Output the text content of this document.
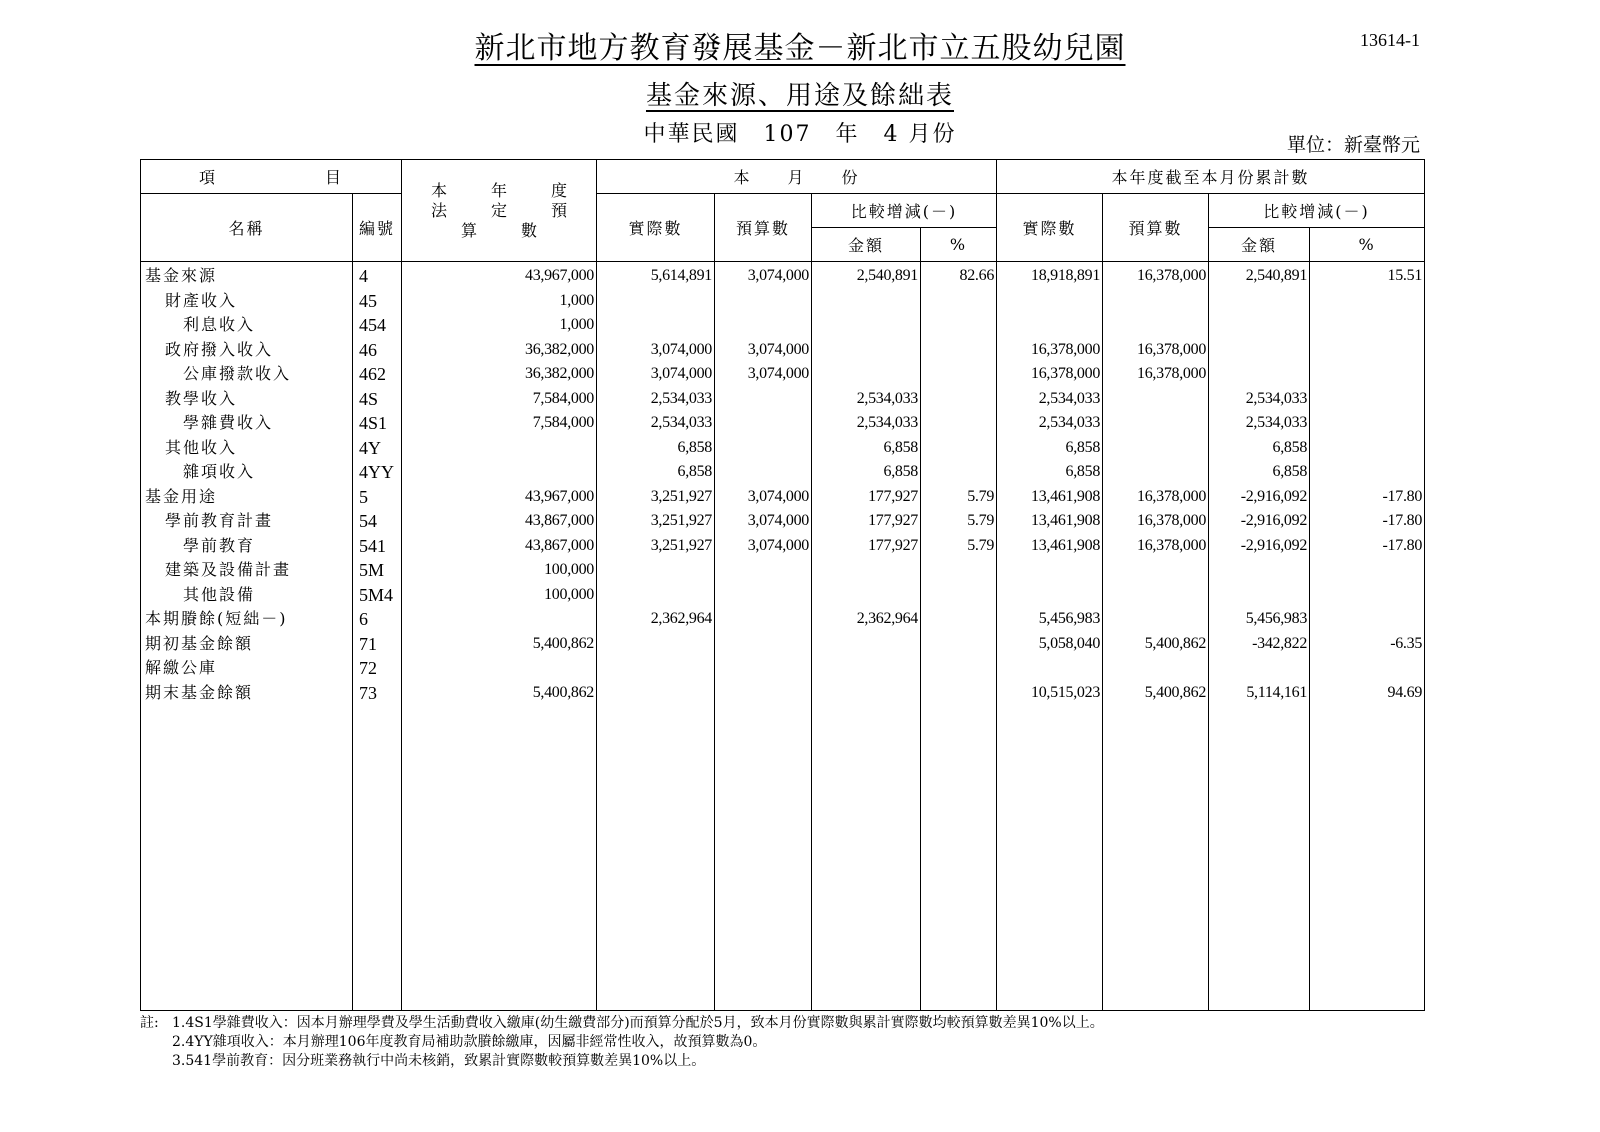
新北市地方教育發展基金－新北市立五股幼兒園
基金來源、用途及餘絀表
中華民國　107　年　4 月份
13614-1
單位：新臺幣元
項　　　　　　目		本　年　度
法　定　預　算　數	本　　月　　份				本年度截至本月份累計數			
名稱	編號		實際數	預算數	比較增減(－)		實際數	預算數	比較增減(－)	
					金額	%			金額	%
基金來源	4	43,967,000	5,614,891	3,074,000	2,540,891	82.66	18,918,891	16,378,000	2,540,891	15.51
財產收入	45	1,000								
利息收入	454	1,000								
政府撥入收入	46	36,382,000	3,074,000	3,074,000			16,378,000	16,378,000		
公庫撥款收入	462	36,382,000	3,074,000	3,074,000			16,378,000	16,378,000		
教學收入	4S	7,584,000	2,534,033		2,534,033		2,534,033		2,534,033	
學雜費收入	4S1	7,584,000	2,534,033		2,534,033		2,534,033		2,534,033	
其他收入	4Y		6,858		6,858		6,858		6,858	
雜項收入	4YY		6,858		6,858		6,858		6,858	
基金用途	5	43,967,000	3,251,927	3,074,000	177,927	5.79	13,461,908	16,378,000	-2,916,092	-17.80
學前教育計畫	54	43,867,000	3,251,927	3,074,000	177,927	5.79	13,461,908	16,378,000	-2,916,092	-17.80
學前教育	541	43,867,000	3,251,927	3,074,000	177,927	5.79	13,461,908	16,378,000	-2,916,092	-17.80
建築及設備計畫	5M	100,000								
其他設備	5M4	100,000								
本期賸餘(短絀－)	6		2,362,964		2,362,964		5,456,983		5,456,983	
期初基金餘額	71	5,400,862					5,058,040	5,400,862	-342,822	-6.35
解繳公庫	72									
期末基金餘額	73	5,400,862					10,515,023	5,400,862	5,114,161	94.69

註: 1.4S1學雜費收入：因本月辦理學費及學生活動費收入繳庫(幼生繳費部分)而預算分配於5月，致本月份實際數與累計實際數均較預算數差異10%以上。
2.4YY雜項收入：本月辦理106年度教育局補助款賸餘繳庫，因屬非經常性收入，故預算數為0。
3.541學前教育：因分班業務執行中尚未核銷，致累計實際數較預算數差異10%以上。
